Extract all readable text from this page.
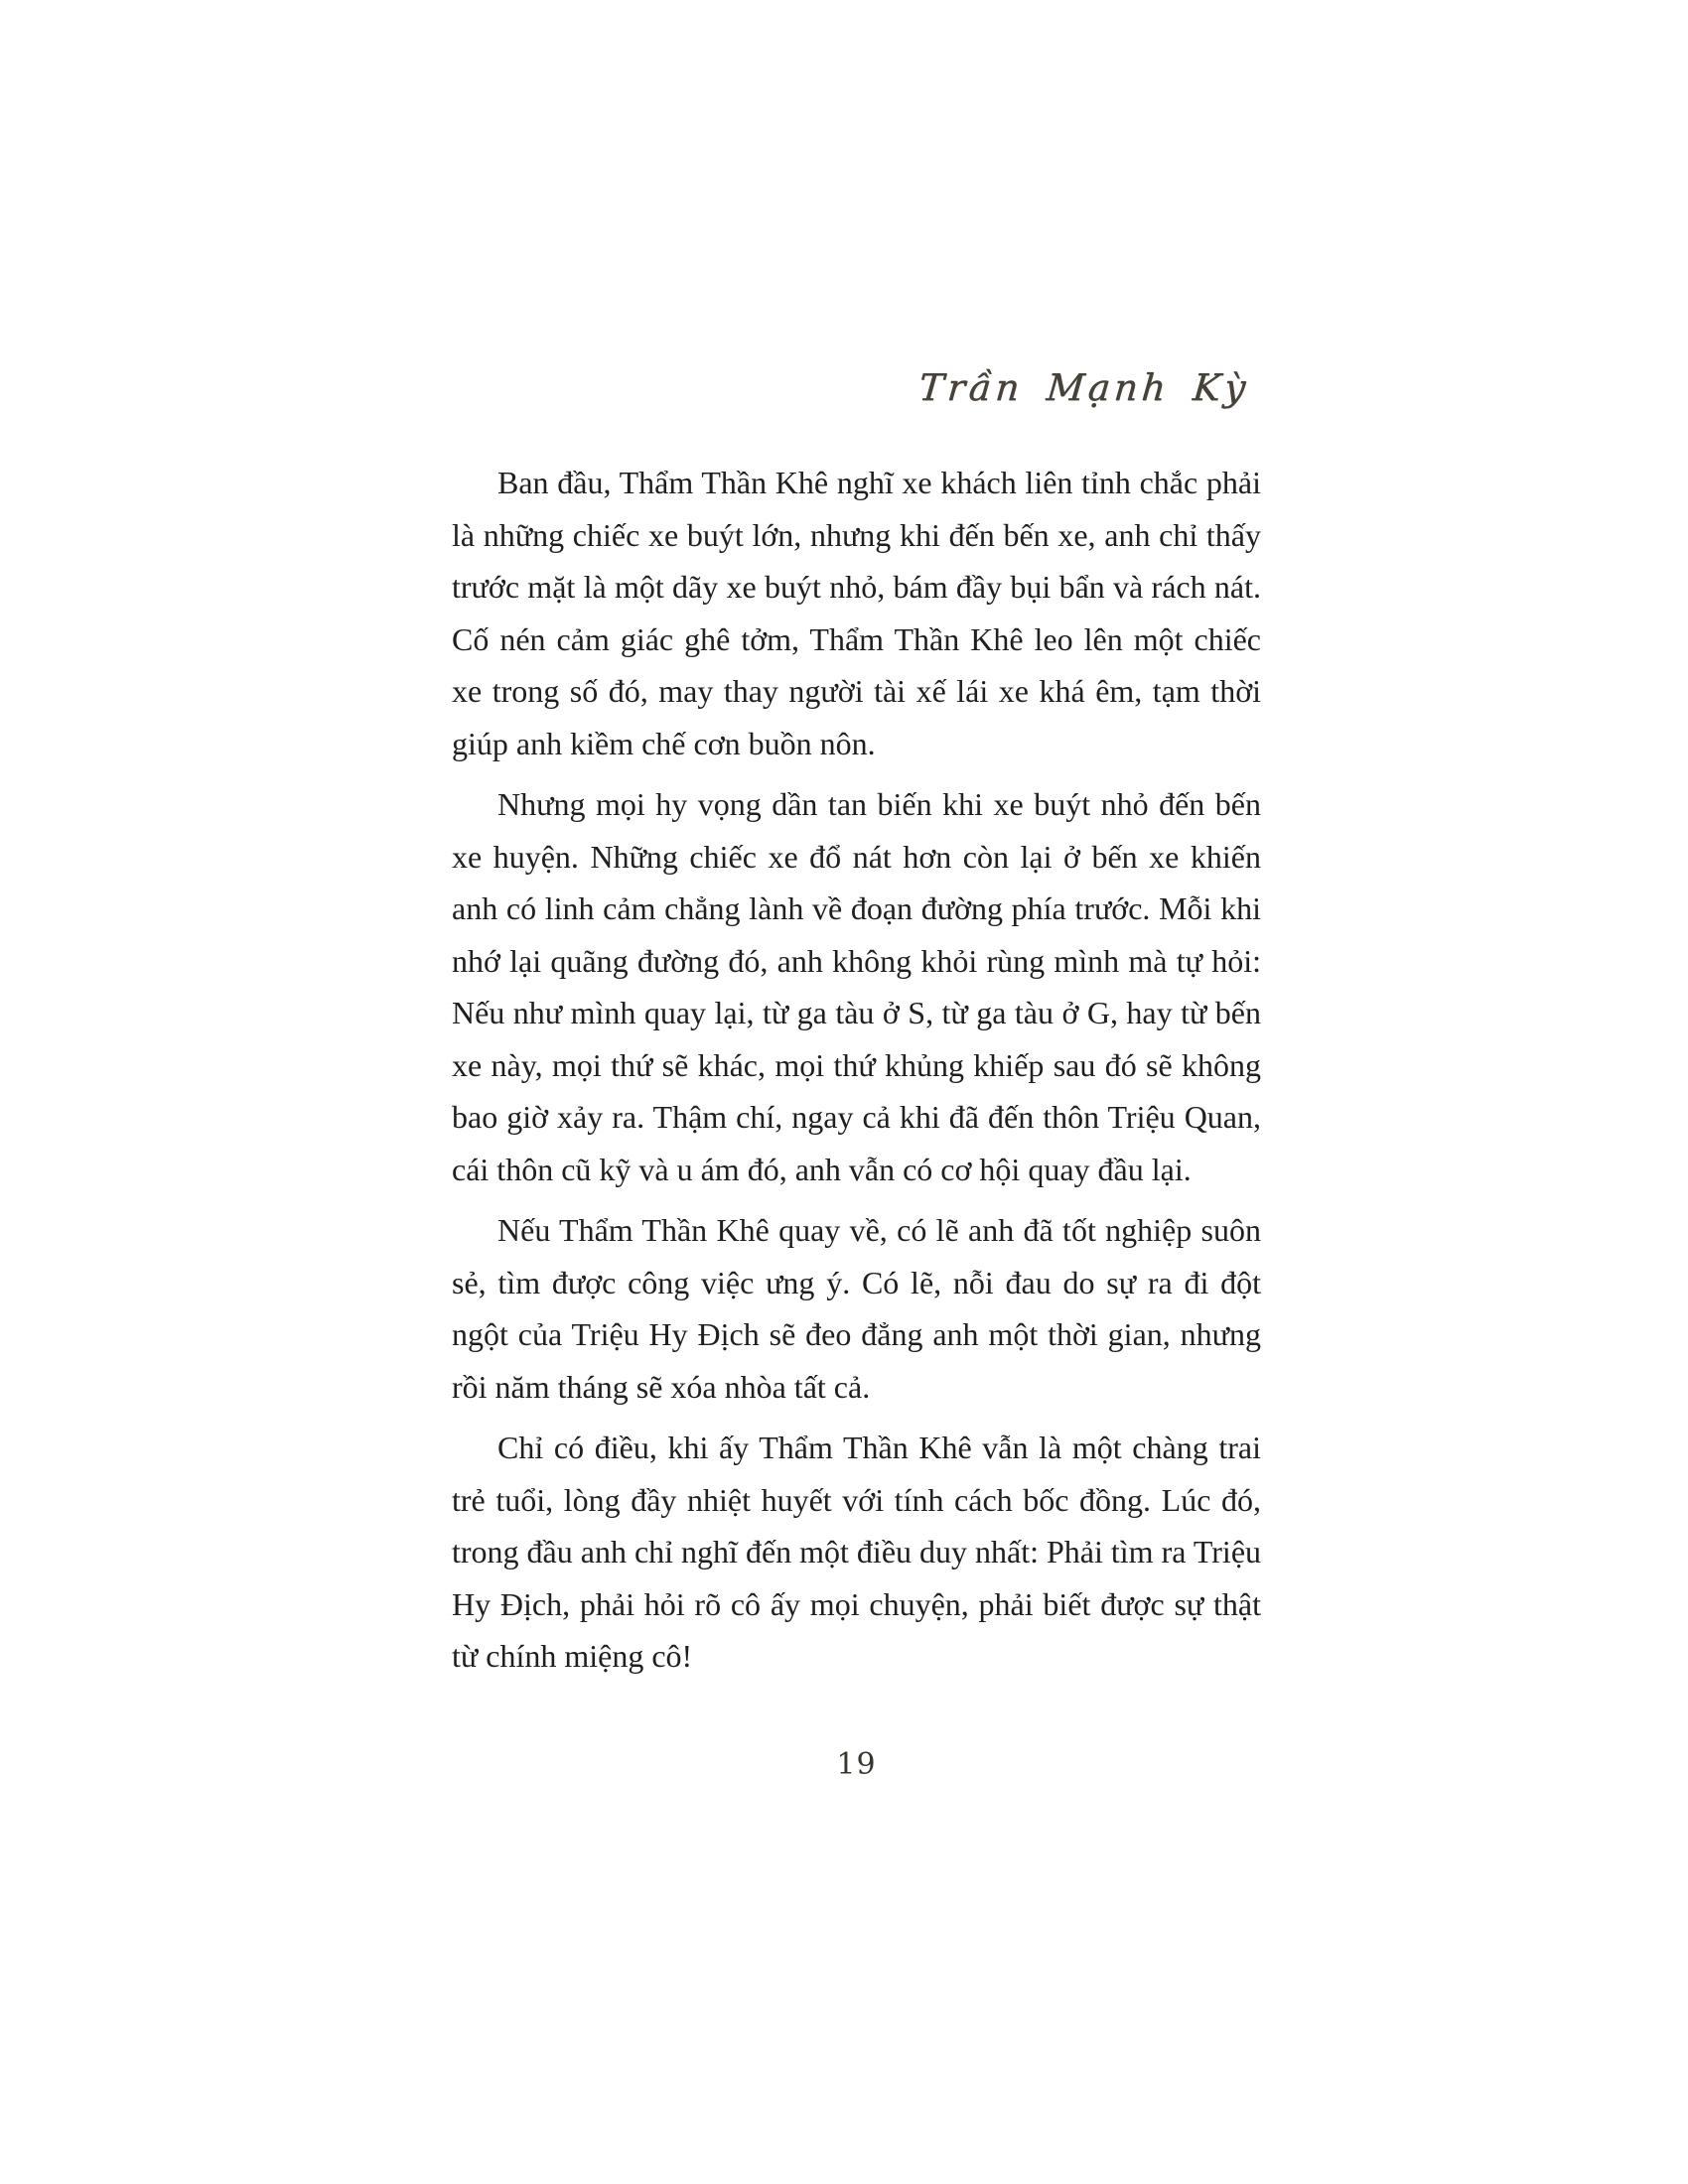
Trần Mạnh Kỳ

Ban đầu, Thẩm Thần Khê nghĩ xe khách liên tỉnh chắc phải là những chiếc xe buýt lớn, nhưng khi đến bến xe, anh chỉ thấy trước mặt là một dãy xe buýt nhỏ, bám đầy bụi bẩn và rách nát. Cố nén cảm giác ghê tởm, Thẩm Thần Khê leo lên một chiếc xe trong số đó, may thay người tài xế lái xe khá êm, tạm thời giúp anh kiềm chế cơn buồn nôn.

Nhưng mọi hy vọng dần tan biến khi xe buýt nhỏ đến bến xe huyện. Những chiếc xe đổ nát hơn còn lại ở bến xe khiến anh có linh cảm chẳng lành về đoạn đường phía trước. Mỗi khi nhớ lại quãng đường đó, anh không khỏi rùng mình mà tự hỏi: Nếu như mình quay lại, từ ga tàu ở S, từ ga tàu ở G, hay từ bến xe này, mọi thứ sẽ khác, mọi thứ khủng khiếp sau đó sẽ không bao giờ xảy ra. Thậm chí, ngay cả khi đã đến thôn Triệu Quan, cái thôn cũ kỹ và u ám đó, anh vẫn có cơ hội quay đầu lại.

Nếu Thẩm Thần Khê quay về, có lẽ anh đã tốt nghiệp suôn sẻ, tìm được công việc ưng ý. Có lẽ, nỗi đau do sự ra đi đột ngột của Triệu Hy Địch sẽ đeo đẳng anh một thời gian, nhưng rồi năm tháng sẽ xóa nhòa tất cả.

Chỉ có điều, khi ấy Thẩm Thần Khê vẫn là một chàng trai trẻ tuổi, lòng đầy nhiệt huyết với tính cách bốc đồng. Lúc đó, trong đầu anh chỉ nghĩ đến một điều duy nhất: Phải tìm ra Triệu Hy Địch, phải hỏi rõ cô ấy mọi chuyện, phải biết được sự thật từ chính miệng cô!

19
